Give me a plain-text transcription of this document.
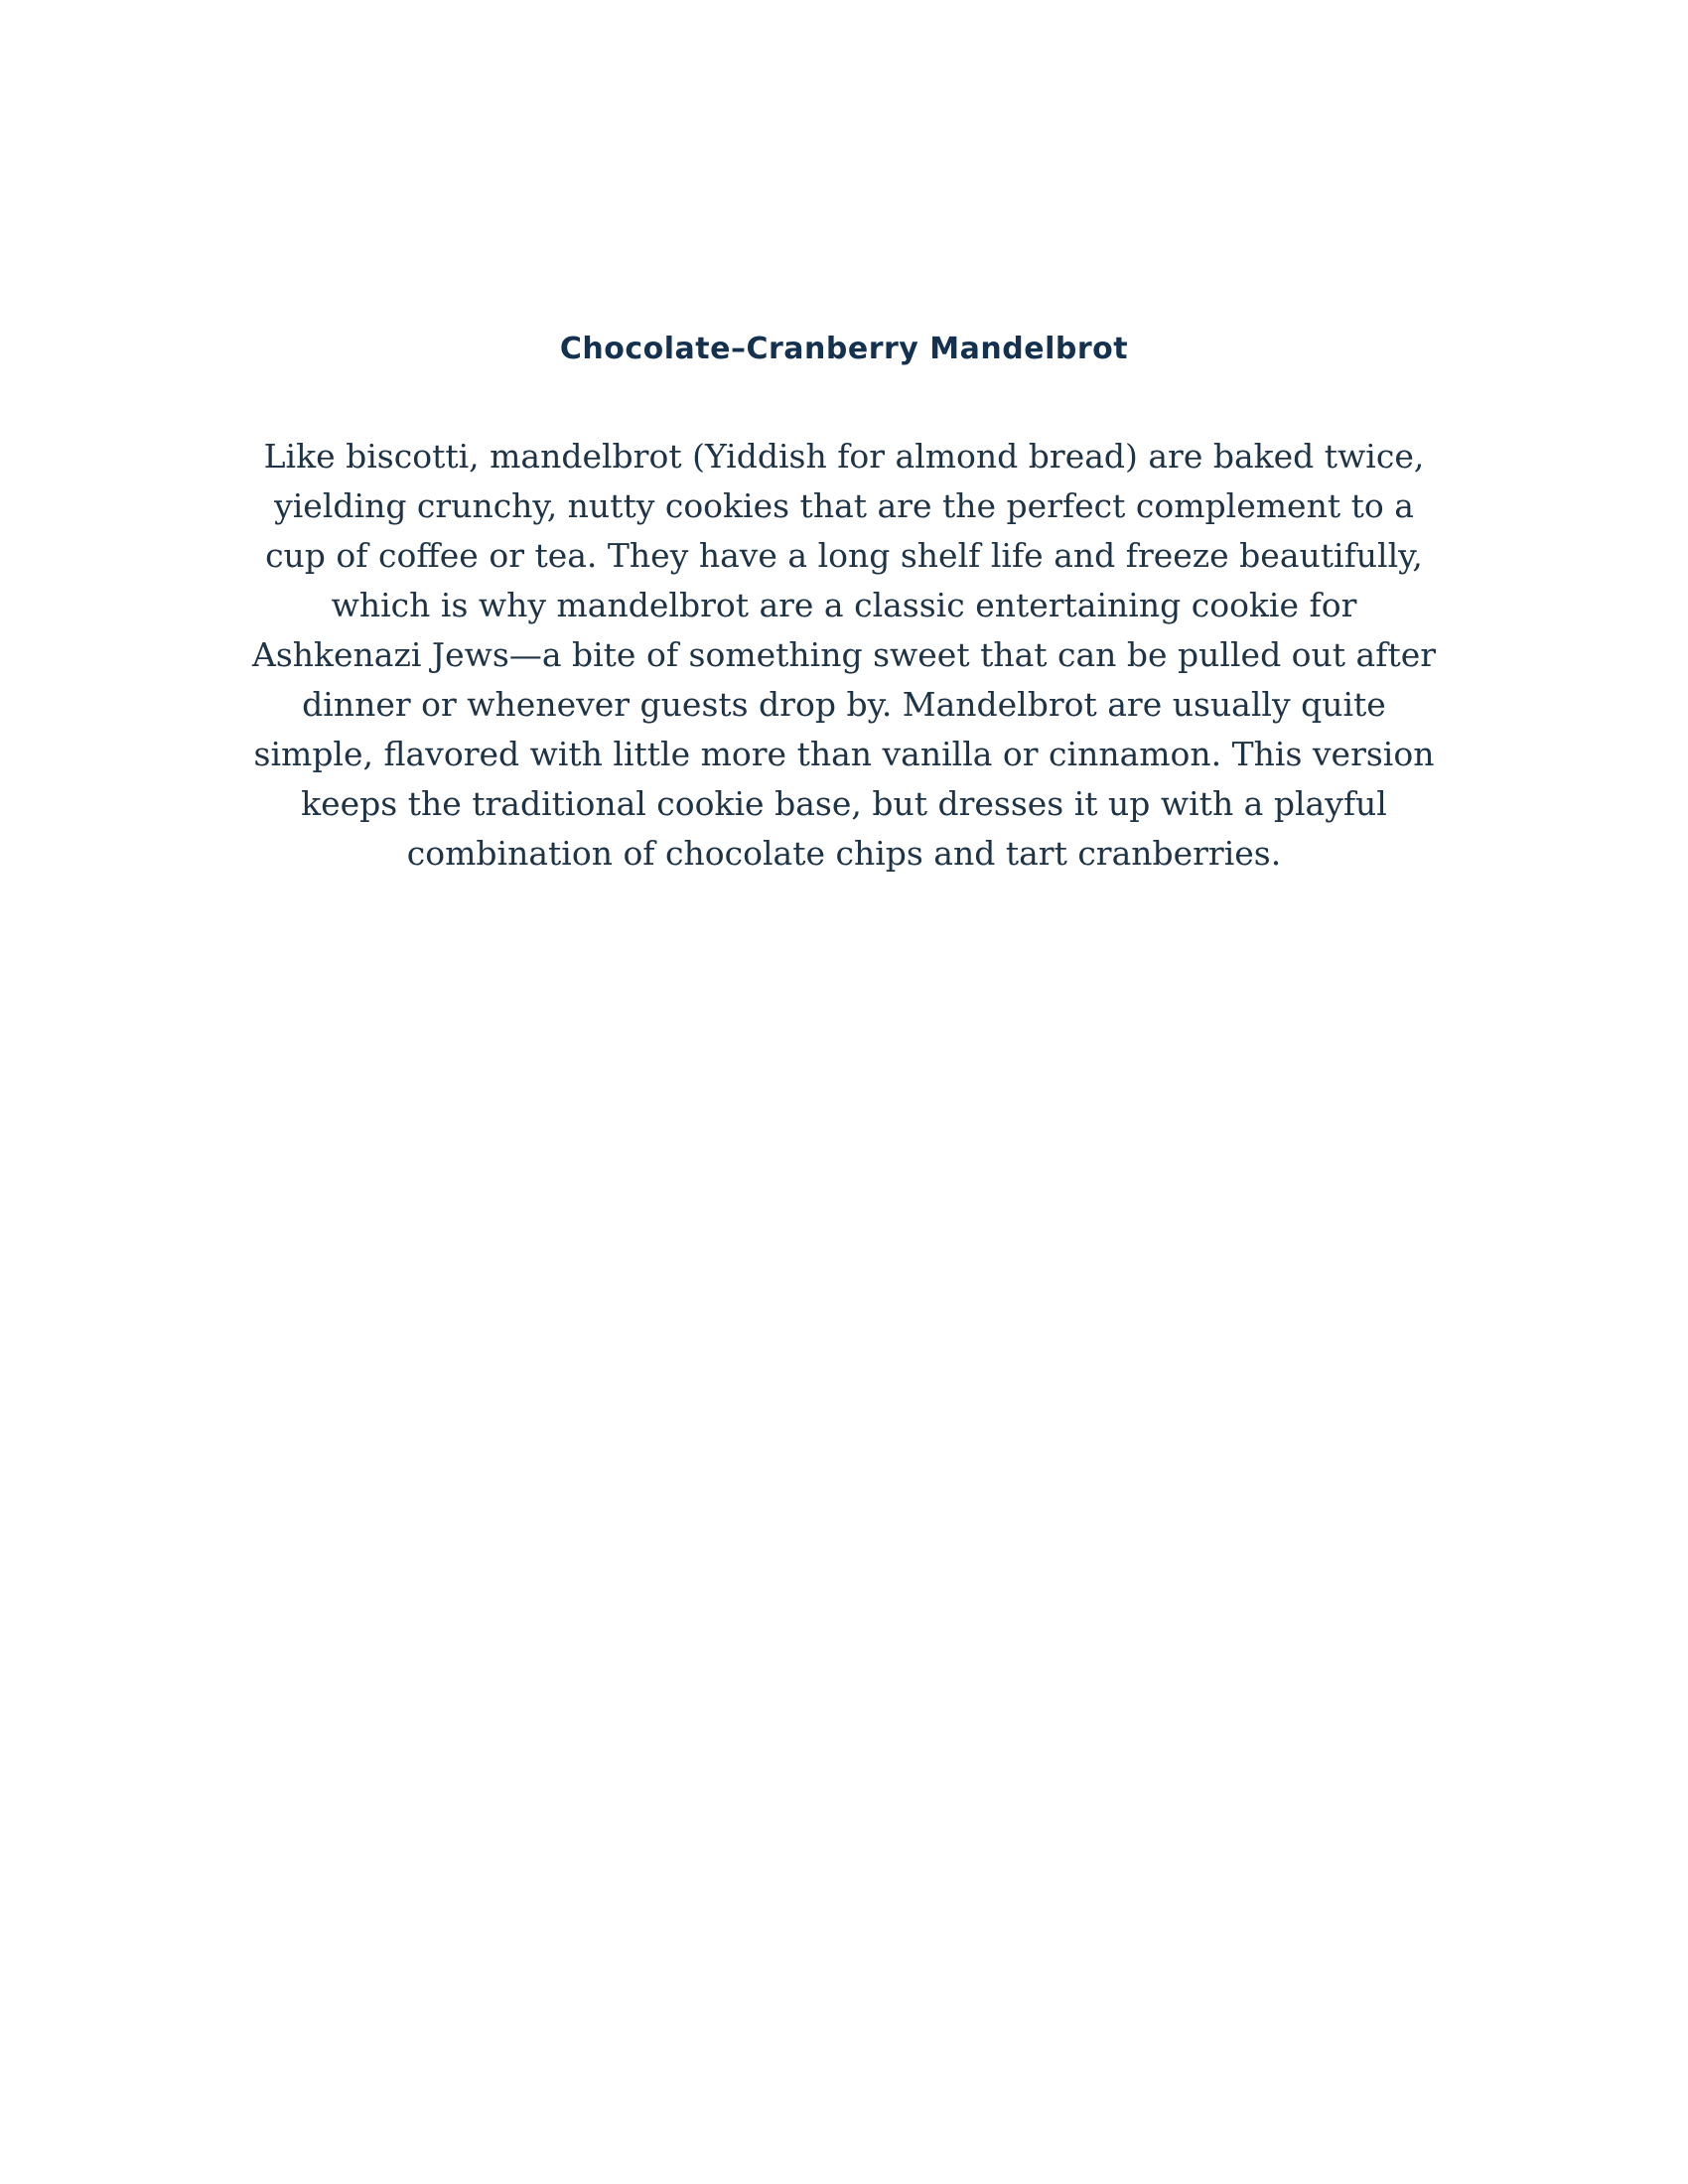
Chocolate–Cranberry Mandelbrot

Like biscotti, mandelbrot (Yiddish for almond bread) are baked twice,
yielding crunchy, nutty cookies that are the perfect complement to a
cup of coffee or tea. They have a long shelf life and freeze beautifully,
which is why mandelbrot are a classic entertaining cookie for
Ashkenazi Jews—a bite of something sweet that can be pulled out after
dinner or whenever guests drop by. Mandelbrot are usually quite
simple, flavored with little more than vanilla or cinnamon. This version
keeps the traditional cookie base, but dresses it up with a playful
combination of chocolate chips and tart cranberries.
